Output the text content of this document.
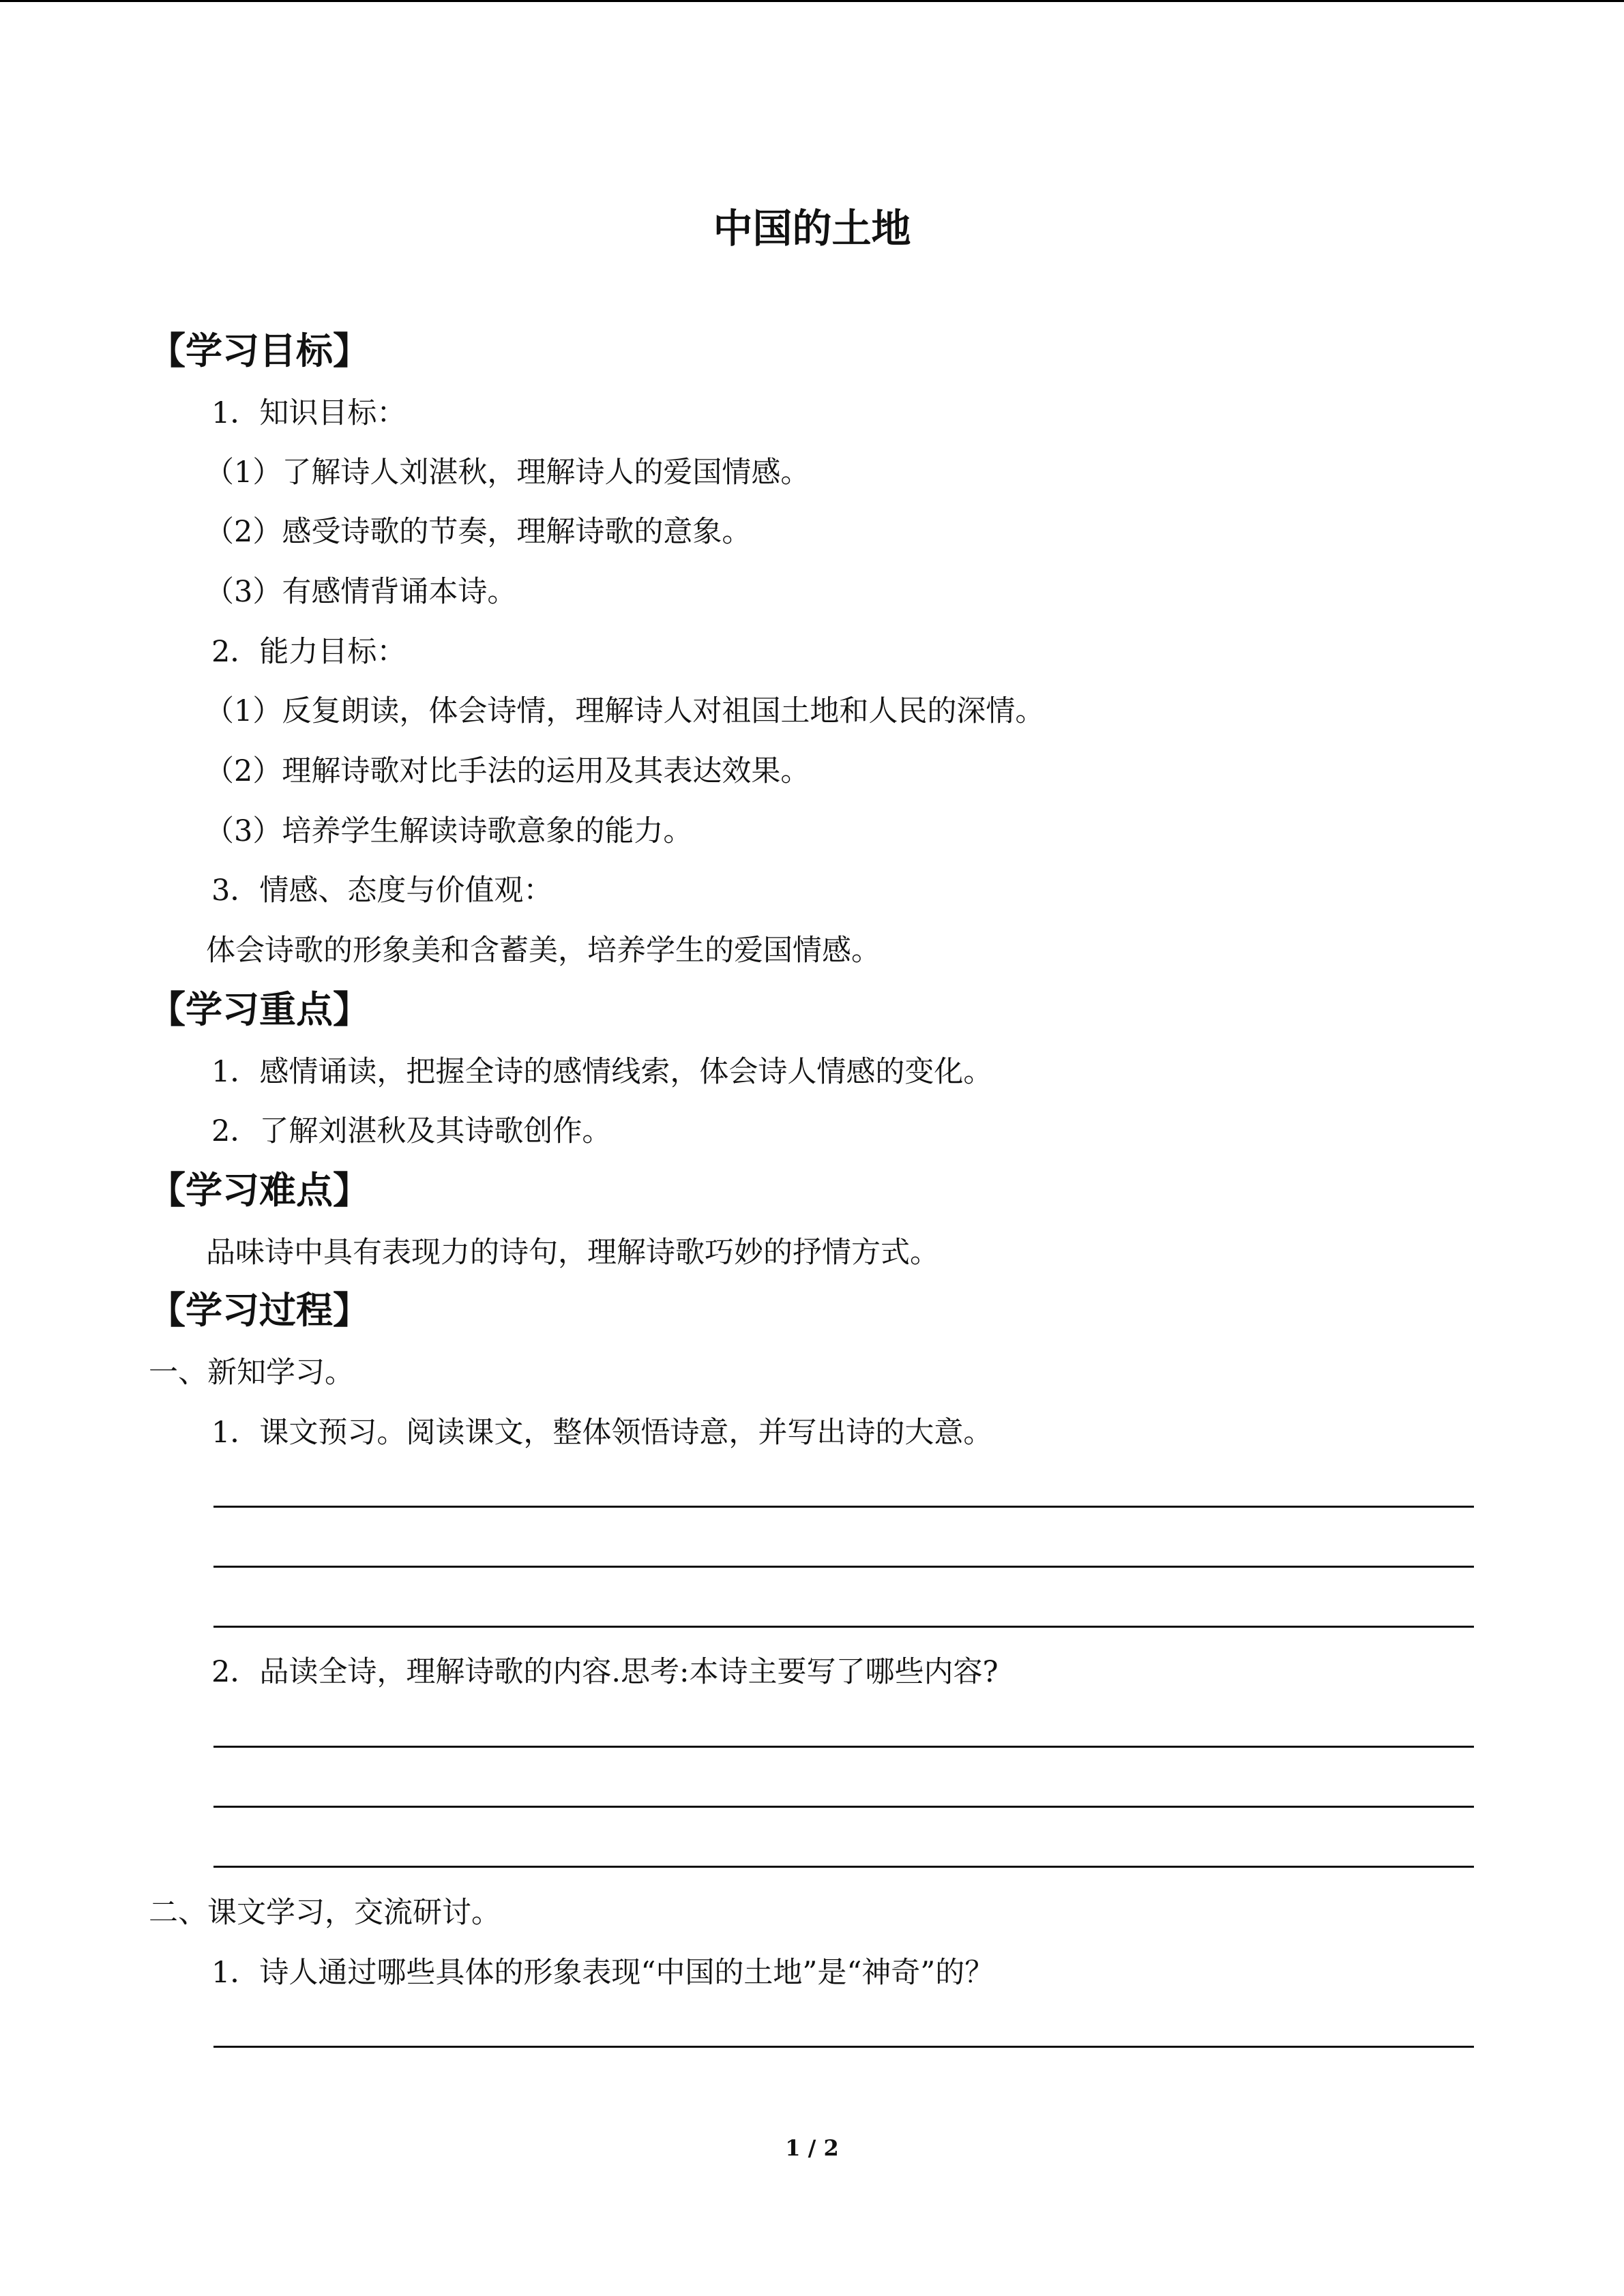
中国的土地
【学习目标】
1．知识目标：
（1）了解诗人刘湛秋，理解诗人的爱国情感。
（2）感受诗歌的节奏，理解诗歌的意象。
（3）有感情背诵本诗。
2．能力目标：
（1）反复朗读，体会诗情，理解诗人对祖国土地和人民的深情。
（2）理解诗歌对比手法的运用及其表达效果。
（3）培养学生解读诗歌意象的能力。
3．情感、态度与价值观：
体会诗歌的形象美和含蓄美，培养学生的爱国情感。
【学习重点】
1．感情诵读，把握全诗的感情线索，体会诗人情感的变化。
2．了解刘湛秋及其诗歌创作。
【学习难点】
品味诗中具有表现力的诗句，理解诗歌巧妙的抒情方式。
【学习过程】
一、新知学习。
1．课文预习。阅读课文，整体领悟诗意，并写出诗的大意。
2．品读全诗，理解诗歌的内容.思考:本诗主要写了哪些内容?
二、课文学习，交流研讨。
1．诗人通过哪些具体的形象表现“中国的土地”是“神奇”的？
1 / 2
